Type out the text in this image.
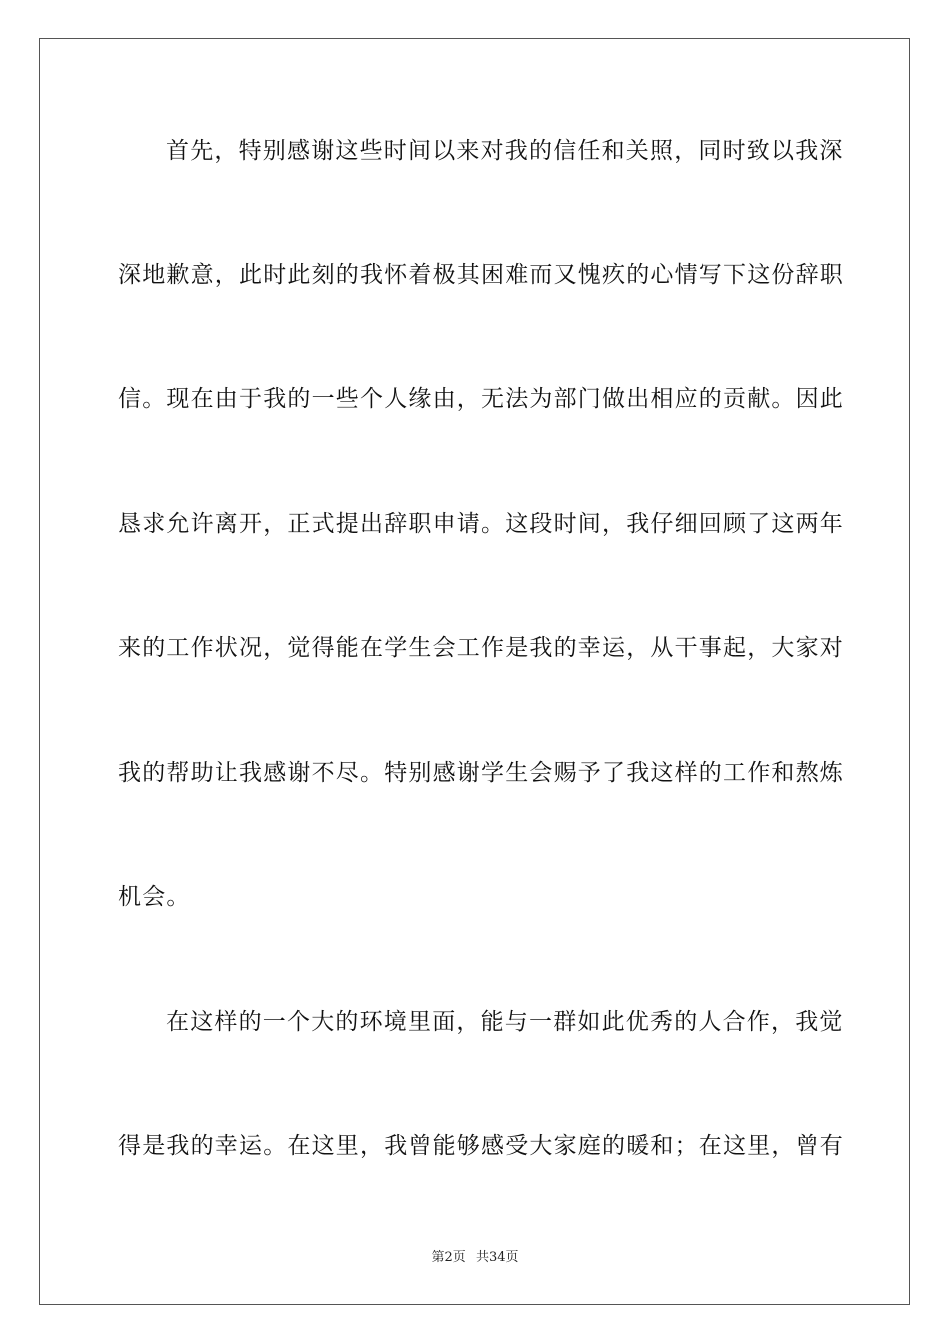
首先，特别感谢这些时间以来对我的信任和关照，同时致以我深
深地歉意，此时此刻的我怀着极其困难而又愧疚的心情写下这份辞职
信。现在由于我的一些个人缘由，无法为部门做出相应的贡献。因此
恳求允许离开，正式提出辞职申请。这段时间，我仔细回顾了这两年
来的工作状况，觉得能在学生会工作是我的幸运，从干事起，大家对
我的帮助让我感谢不尽。特别感谢学生会赐予了我这样的工作和熬炼
机会。
在这样的一个大的环境里面，能与一群如此优秀的人合作，我觉
得是我的幸运。在这里，我曾能够感受大家庭的暖和；在这里，曾有
第2页 共34页
